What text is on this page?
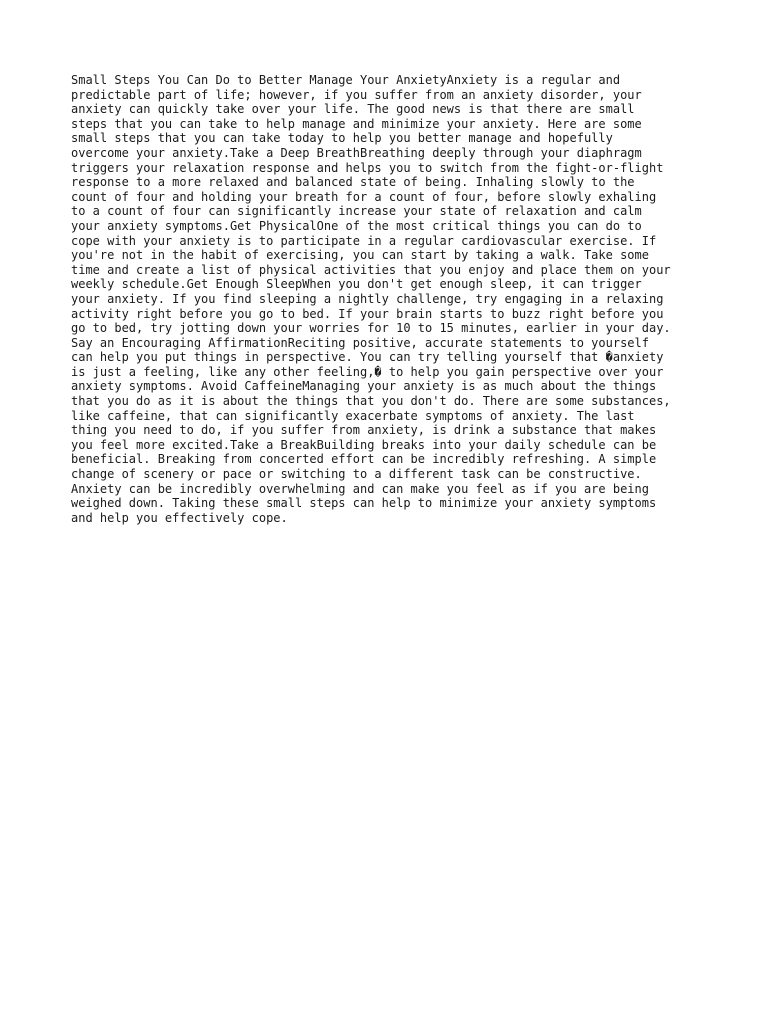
Small Steps You Can Do to Better Manage Your AnxietyAnxiety is a regular and
predictable part of life; however, if you suffer from an anxiety disorder, your
anxiety can quickly take over your life. The good news is that there are small
steps that you can take to help manage and minimize your anxiety. Here are some
small steps that you can take today to help you better manage and hopefully
overcome your anxiety.Take a Deep BreathBreathing deeply through your diaphragm
triggers your relaxation response and helps you to switch from the fight-or-flight
response to a more relaxed and balanced state of being. Inhaling slowly to the
count of four and holding your breath for a count of four, before slowly exhaling
to a count of four can significantly increase your state of relaxation and calm
your anxiety symptoms.Get PhysicalOne of the most critical things you can do to
cope with your anxiety is to participate in a regular cardiovascular exercise. If
you're not in the habit of exercising, you can start by taking a walk. Take some
time and create a list of physical activities that you enjoy and place them on your
weekly schedule.Get Enough SleepWhen you don't get enough sleep, it can trigger
your anxiety. If you find sleeping a nightly challenge, try engaging in a relaxing
activity right before you go to bed. If your brain starts to buzz right before you
go to bed, try jotting down your worries for 10 to 15 minutes, earlier in your day.
Say an Encouraging AffirmationReciting positive, accurate statements to yourself
can help you put things in perspective. You can try telling yourself that �anxiety
is just a feeling, like any other feeling,� to help you gain perspective over your
anxiety symptoms. Avoid CaffeineManaging your anxiety is as much about the things
that you do as it is about the things that you don't do. There are some substances,
like caffeine, that can significantly exacerbate symptoms of anxiety. The last
thing you need to do, if you suffer from anxiety, is drink a substance that makes
you feel more excited.Take a BreakBuilding breaks into your daily schedule can be
beneficial. Breaking from concerted effort can be incredibly refreshing. A simple
change of scenery or pace or switching to a different task can be constructive.
Anxiety can be incredibly overwhelming and can make you feel as if you are being
weighed down. Taking these small steps can help to minimize your anxiety symptoms
and help you effectively cope.
